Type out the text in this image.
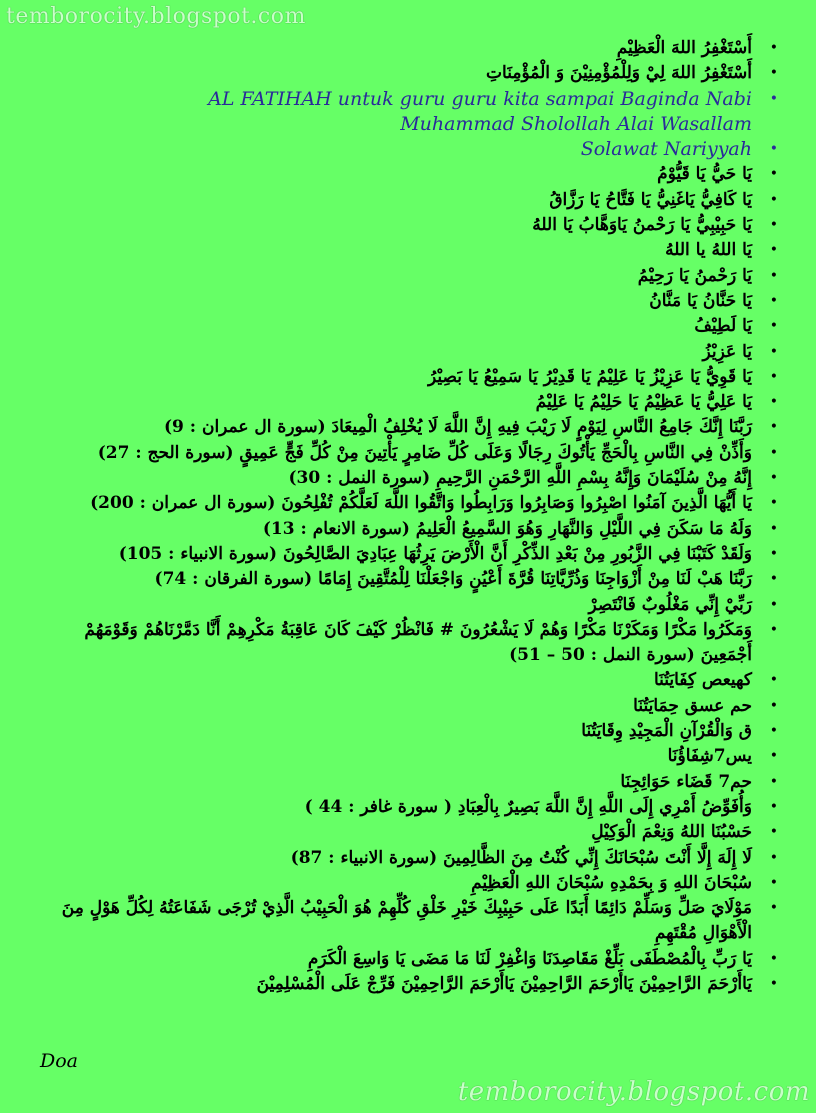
temborocity.blogspot.com
•
أَسْتَغْفِرُ اللهَ الْعَظِيْمِ
•
أَسْتَغْفِرُ اللهَ لِيْ وَلِلْمُؤْمِنِيْنَ وَ الْمُؤْمِنَاتِ
•
AL FATIHAH untuk guru guru kita sampai Baginda Nabi Muhammad Sholollah Alai Wasallam
•
Solawat Nariyyah
•
يَا حَيُّ يَا قَيُّوْمُ
•
يَا كَافِيُّ يَاغَنِيُّ يَا فَتَّاحُ يَا رَزَّاقُ
•
يَا حَبِيْبِيُّ يَا رَحْمنُ يَاوَهَّابُ يَا اللهُ
•
يَا اللهُ يا اللهُ
•
يَا رَحْمنُ يَا رَحِيْمُ
•
يَا حَنَّانُ يَا مَنَّانُ
•
يَا لَطِيْفُ
•
يَا عَزِيْزُ
•
يَا قَوِيُّ يَا عَزِيْزُ يَا عَلِيْمُ يَا قَدِيْرُ يَا سَمِيْعُ يَا بَصِيْرُ
•
يَا عَلِيُّ يَا عَظِيْمُ يَا حَلِيْمُ يَا عَلِيْمُ
•
رَبَّنَا إِنَّكَ جَامِعُ النَّاسِ لِيَوْمٍ لَا رَيْبَ فِيهِ إِنَّ اللَّهَ لَا يُخْلِفُ الْمِيعَادَ (سورة ال عمران : 9)
•
وَأَذِّنْ فِي النَّاسِ بِالْحَجِّ يَأْتُوكَ رِجَالًا وَعَلَى كُلِّ ضَامِرٍ يَأْتِينَ مِنْ كُلِّ فَجٍّ عَمِيقٍ (سورة الحج : 27)
•
إِنَّهُ مِنْ سُلَيْمَانَ وَإِنَّهُ بِسْمِ اللَّهِ الرَّحْمَنِ الرَّحِيمِ (سورة النمل : 30)
•
يَا أَيُّهَا الَّذِينَ آمَنُوا اصْبِرُوا وَصَابِرُوا وَرَابِطُوا وَاتَّقُوا اللَّهَ لَعَلَّكُمْ تُفْلِحُونَ (سورة ال عمران : 200)
•
وَلَهُ مَا سَكَنَ فِي اللَّيْلِ وَالنَّهَارِ وَهُوَ السَّمِيعُ الْعَلِيمُ (سورة الانعام : 13)
•
وَلَقَدْ كَتَبْنَا فِي الزَّبُورِ مِنْ بَعْدِ الذِّكْرِ أَنَّ الْأَرْضَ يَرِثُهَا عِبَادِيَ الصَّالِحُونَ (سورة الانبياء : 105)
•
رَبَّنَا هَبْ لَنَا مِنْ أَزْوَاجِنَا وَذُرِّيَّاتِنَا قُرَّةَ أَعْيُنٍ وَاجْعَلْنَا لِلْمُتَّقِينَ إِمَامًا (سورة الفرقان : 74)
•
رَبِّيْ إِنِّي مَغْلُوبٌ فَانْتَصِرْ
•
وَمَكَرُوا مَكْرًا وَمَكَرْنَا مَكْرًا وَهُمْ لَا يَشْعُرُونَ # فَانْظُرْ كَيْفَ كَانَ عَاقِبَةُ مَكْرِهِمْ أَنَّا دَمَّرْنَاهُمْ وَقَوْمَهُمْ أَجْمَعِينَ (سورة النمل : 50 – 51)
•
كهيعص كِفَايَتُنَا
•
حم عسق حِمَايَتُنَا
•
ق وَالْقُرْآنِ الْمَجِيْدِ وِقَايَتُنَا
•
يس7شِفَاؤُنَا
•
حم7 قَضَاء حَوَائِجِنَا
•
وَأُفَوِّضُ أَمْرِي إِلَى اللَّهِ إِنَّ اللَّهَ بَصِيرٌ بِالْعِبَادِ ( سورة غافر : 44 )
•
حَسْبُنَا اللهُ وَنِعْمَ الْوَكِيْلِ
•
لَا إِلَهَ إِلَّا أَنْتَ سُبْحَانَكَ إِنِّي كُنْتُ مِنَ الظَّالِمِينَ (سورة الانبياء : 87)
•
سُبْحَانَ اللهِ وَ بِحَمْدِهِ سُبْحَانَ اللهِ الْعَظِيْمِ
•
مَوْلَايَ صَلِّ وَسَلِّمْ دَائِمًا أَبَدًا عَلَى حَبِيْبِكَ خَيْرِ خَلْقِ كُلِّهِمْ هُوَ الْحَبِيْبُ الَّذِيْ تُرْجَى شَفَاعَتُهُ لِكُلِّ هَوْلٍ مِنَ الْأَهْوَالِ مُقْتَهِمِ
•
يَا رَبِّ بِالْمُصْطَفَى بَلِّغْ مَقَاصِدَنَا وَاغْفِرْ لَنَا مَا مَضَى يَا وَاسِعَ الْكَرَمِ
•
يَاأَرْحَمَ الرَّاحِمِيْنَ يَاأَرْحَمَ الرَّاحِمِيْنَ يَاأَرْحَمَ الرَّاحِمِيْنَ فَرِّجْ عَلَى الْمُسْلِمِيْنَ
Doa
temborocity.blogspot.com
